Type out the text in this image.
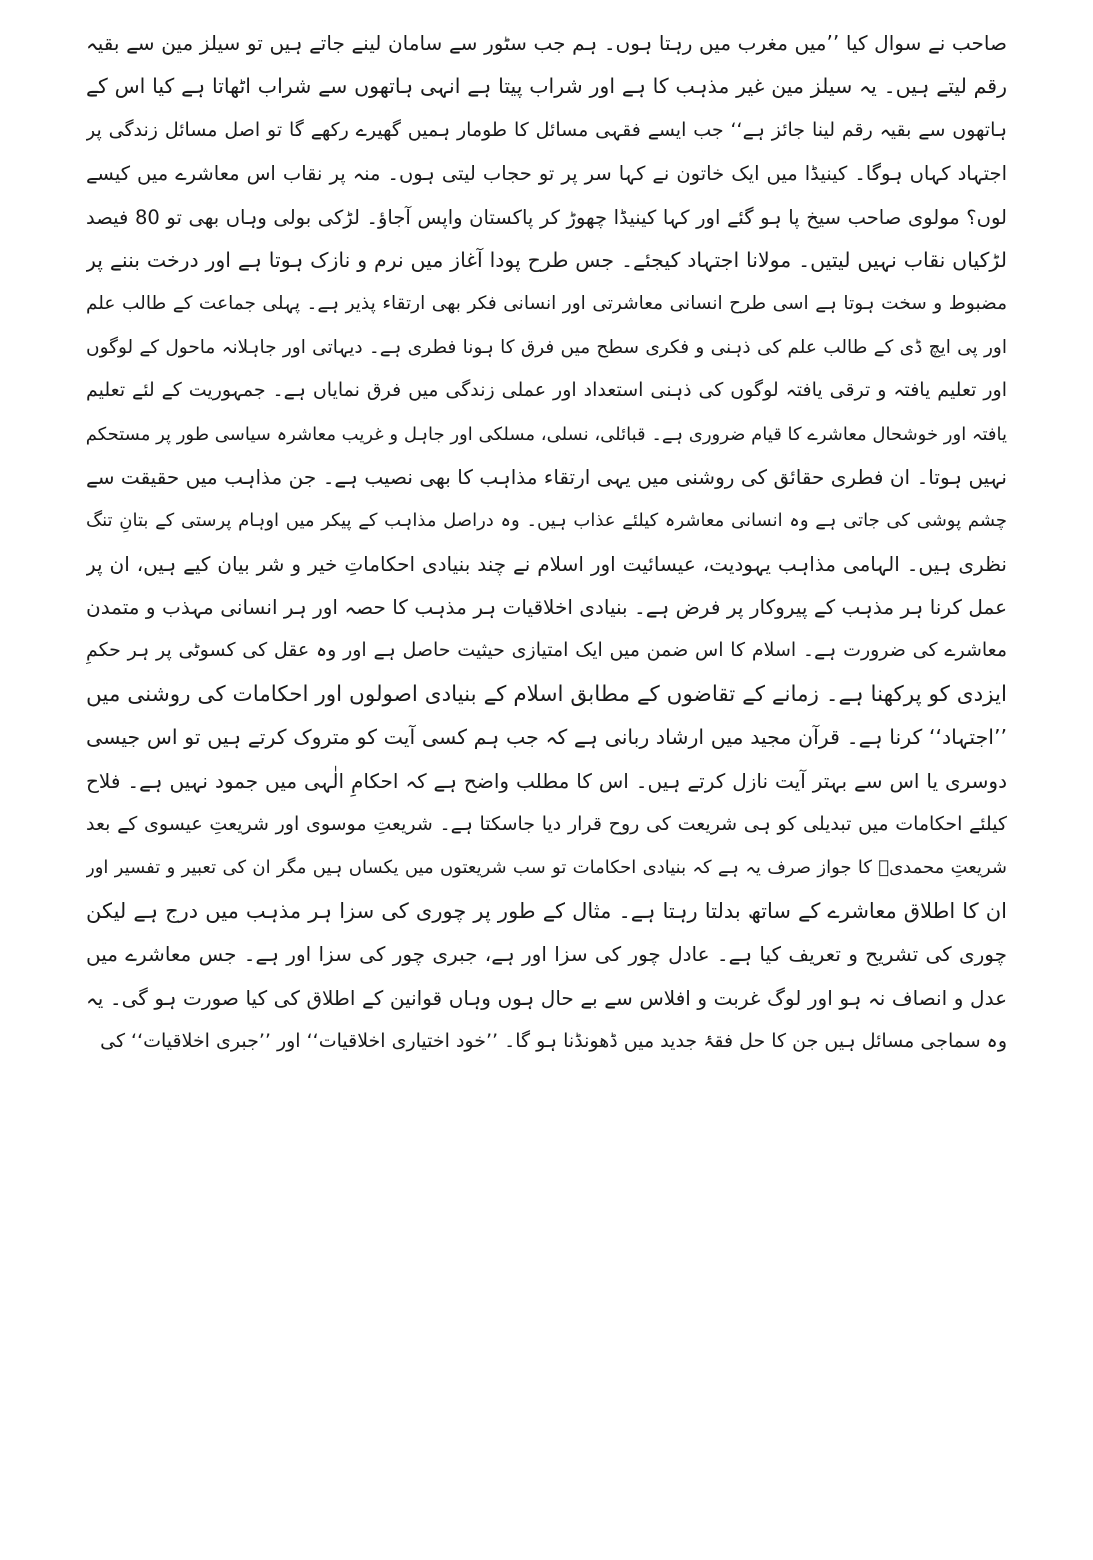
صاحب نے سوال کیا ’’میں مغرب میں رہتا ہوں۔ ہم جب سٹور سے سامان لینے جاتے ہیں تو سیلز مین سے بقیہ
رقم لیتے ہیں۔ یہ سیلز مین غیر مذہب کا ہے اور شراب پیتا ہے انہی ہاتھوں سے شراب اٹھاتا ہے کیا اس کے
ہاتھوں سے بقیہ رقم لینا جائز ہے‘‘ جب ایسے فقہی مسائل کا طومار ہمیں گھیرے رکھے گا تو اصل مسائل زندگی پر
اجتہاد کہاں ہوگا۔ کینیڈا میں ایک خاتون نے کہا سر پر تو حجاب لیتی ہوں۔ منہ پر نقاب اس معاشرے میں کیسے
لوں؟ مولوی صاحب سیخ پا ہو گئے اور کہا کینیڈا چھوڑ کر پاکستان واپس آجاؤ۔ لڑکی بولی وہاں بھی تو 80 فیصد
لڑکیاں نقاب نہیں لیتیں۔ مولانا اجتہاد کیجئے۔ جس طرح پودا آغاز میں نرم و نازک ہوتا ہے اور درخت بننے پر
مضبوط و سخت ہوتا ہے اسی طرح انسانی معاشرتی اور انسانی فکر بھی ارتقاء پذیر ہے۔ پہلی جماعت کے طالب علم
اور پی ایچ ڈی کے طالب علم کی ذہنی و فکری سطح میں فرق کا ہونا فطری ہے۔ دیہاتی اور جاہلانہ ماحول کے لوگوں
اور تعلیم یافتہ و ترقی یافتہ لوگوں کی ذہنی استعداد اور عملی زندگی میں فرق نمایاں ہے۔ جمہوریت کے لئے تعلیم
یافتہ اور خوشحال معاشرے کا قیام ضروری ہے۔ قبائلی، نسلی، مسلکی اور جاہل و غریب معاشرہ سیاسی طور پر مستحکم
نہیں ہوتا۔ ان فطری حقائق کی روشنی میں یہی ارتقاء مذاہب کا بھی نصیب ہے۔ جن مذاہب میں حقیقت سے
چشم پوشی کی جاتی ہے وہ انسانی معاشرہ کیلئے عذاب ہیں۔ وہ دراصل مذاہب کے پیکر میں اوہام پرستی کے بتانِ تنگ
نظری ہیں۔ الہامی مذاہب یہودیت، عیسائیت اور اسلام نے چند بنیادی احکاماتِ خیر و شر بیان کیے ہیں، ان پر
عمل کرنا ہر مذہب کے پیروکار پر فرض ہے۔ بنیادی اخلاقیات ہر مذہب کا حصہ اور ہر انسانی مہذب و متمدن
معاشرے کی ضرورت ہے۔ اسلام کا اس ضمن میں ایک امتیازی حیثیت حاصل ہے اور وہ عقل کی کسوٹی پر ہر حکمِ
ایزدی کو پرکھنا ہے۔ زمانے کے تقاضوں کے مطابق اسلام کے بنیادی اصولوں اور احکامات کی روشنی میں
’’اجتہاد‘‘ کرنا ہے۔ قرآن مجید میں ارشاد ربانی ہے کہ جب ہم کسی آیت کو متروک کرتے ہیں تو اس جیسی
دوسری یا اس سے بہتر آیت نازل کرتے ہیں۔ اس کا مطلب واضح ہے کہ احکامِ الٰہی میں جمود نہیں ہے۔ فلاح
کیلئے احکامات میں تبدیلی کو ہی شریعت کی روح قرار دیا جاسکتا ہے۔ شریعتِ موسوی اور شریعتِ عیسوی کے بعد
شریعتِ محمدیؐ کا جواز صرف یہ ہے کہ بنیادی احکامات تو سب شریعتوں میں یکساں ہیں مگر ان کی تعبیر و تفسیر اور
ان کا اطلاق معاشرے کے ساتھ بدلتا رہتا ہے۔ مثال کے طور پر چوری کی سزا ہر مذہب میں درج ہے لیکن
چوری کی تشریح و تعریف کیا ہے۔ عادل چور کی سزا اور ہے، جبری چور کی سزا اور ہے۔ جس معاشرے میں
عدل و انصاف نہ ہو اور لوگ غربت و افلاس سے بے حال ہوں وہاں قوانین کے اطلاق کی کیا صورت ہو گی۔ یہ
وہ سماجی مسائل ہیں جن کا حل فقۂ جدید میں ڈھونڈنا ہو گا۔ ’’خود اختیاری اخلاقیات‘‘ اور ’’جبری اخلاقیات‘‘ کی
